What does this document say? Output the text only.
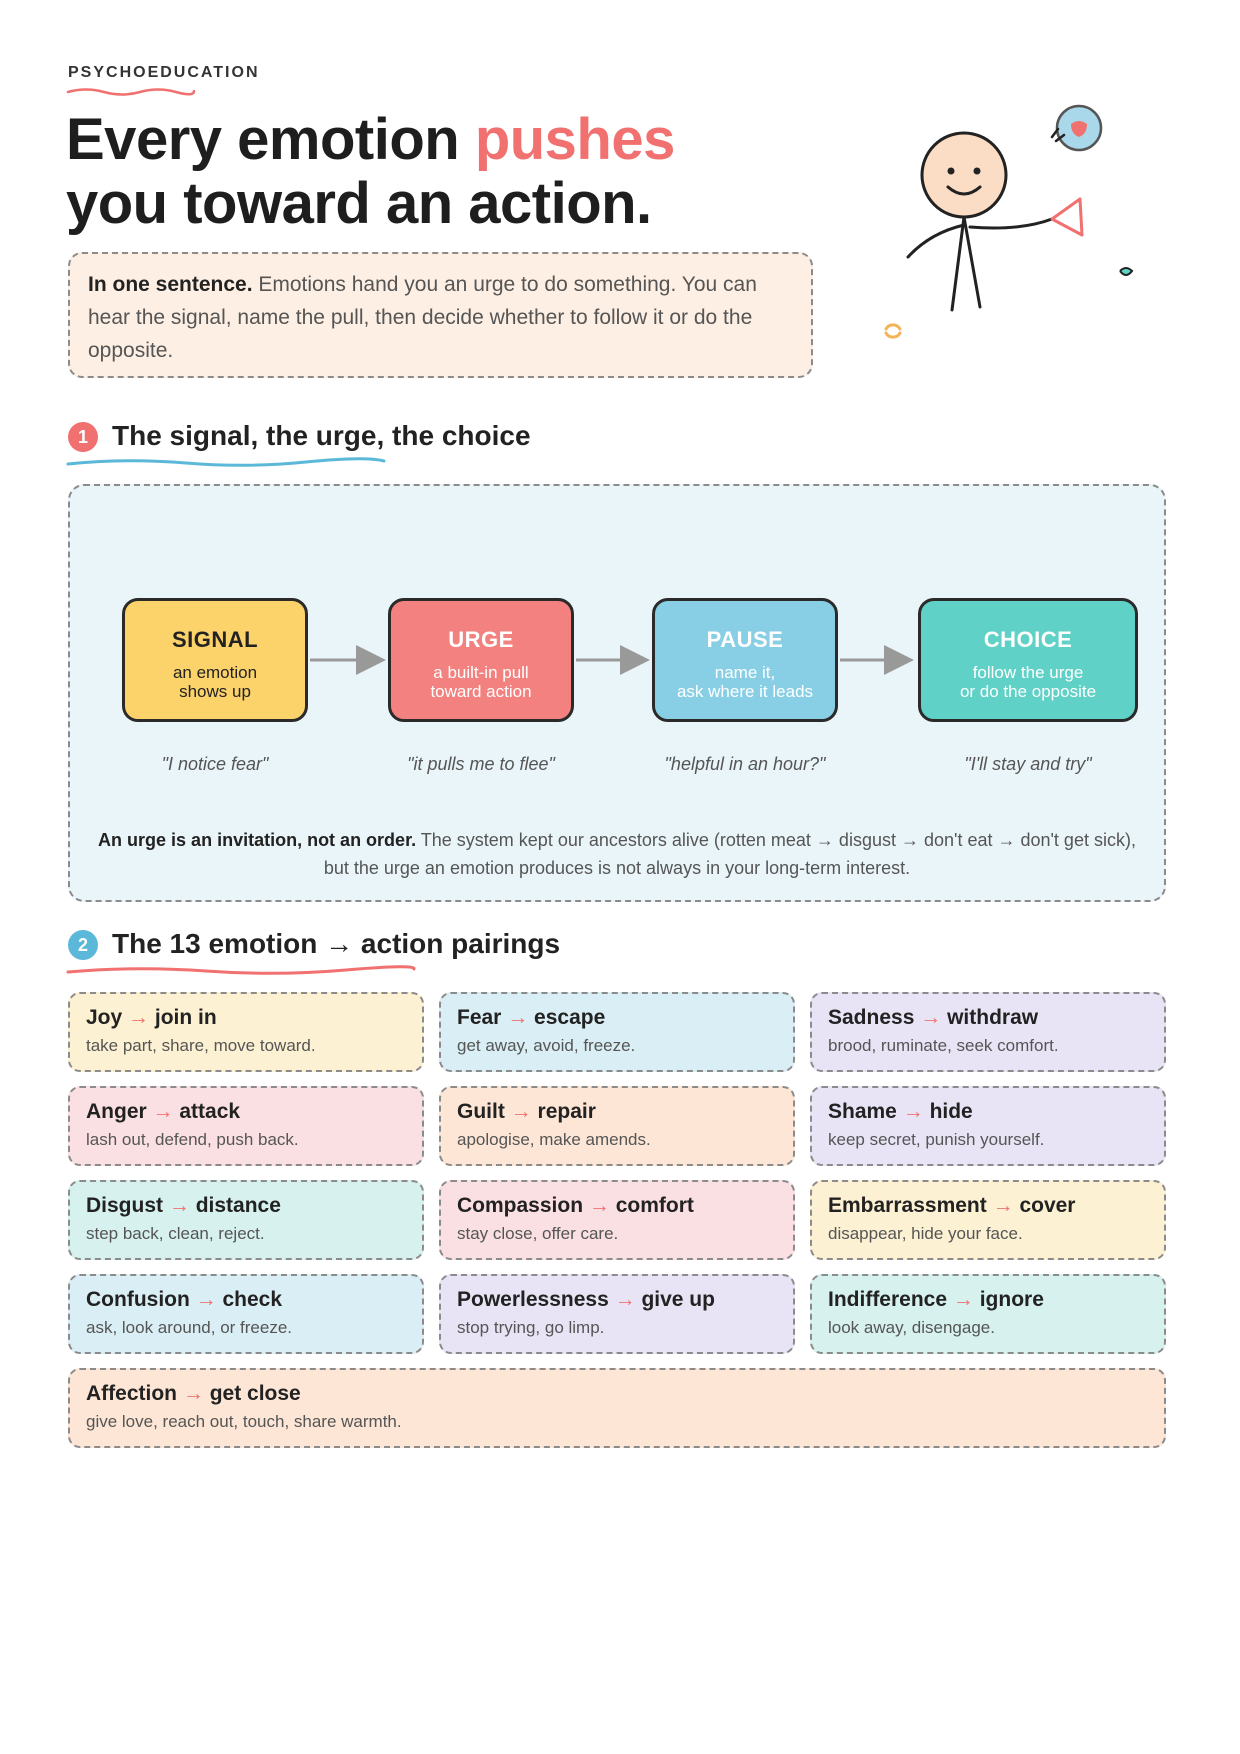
PSYCHOEDUCATION
Every emotion pushes
you toward an action.
In one sentence. Emotions hand you an urge to do something. You can hear the signal, name the pull, then decide whether to follow it or do the opposite.
1 The signal, the urge, the choice
SIGNAL
an emotion
shows up
URGE
a built-in pull
toward action
PAUSE
name it,
ask where it leads
CHOICE
follow the urge
or do the opposite
"I notice fear"	"it pulls me to flee"	"helpful in an hour?"	"I'll stay and try"
An urge is an invitation, not an order. The system kept our ancestors alive (rotten meat → disgust → don't eat → don't get sick), but the urge an emotion produces is not always in your long-term interest.
2 The 13 emotion → action pairings
Joy → join in
take part, share, move toward.
Fear → escape
get away, avoid, freeze.
Sadness → withdraw
brood, ruminate, seek comfort.
Anger → attack
lash out, defend, push back.
Guilt → repair
apologise, make amends.
Shame → hide
keep secret, punish yourself.
Disgust → distance
step back, clean, reject.
Compassion → comfort
stay close, offer care.
Embarrassment → cover
disappear, hide your face.
Confusion → check
ask, look around, or freeze.
Powerlessness → give up
stop trying, go limp.
Indifference → ignore
look away, disengage.
Affection → get close
give love, reach out, touch, share warmth.
